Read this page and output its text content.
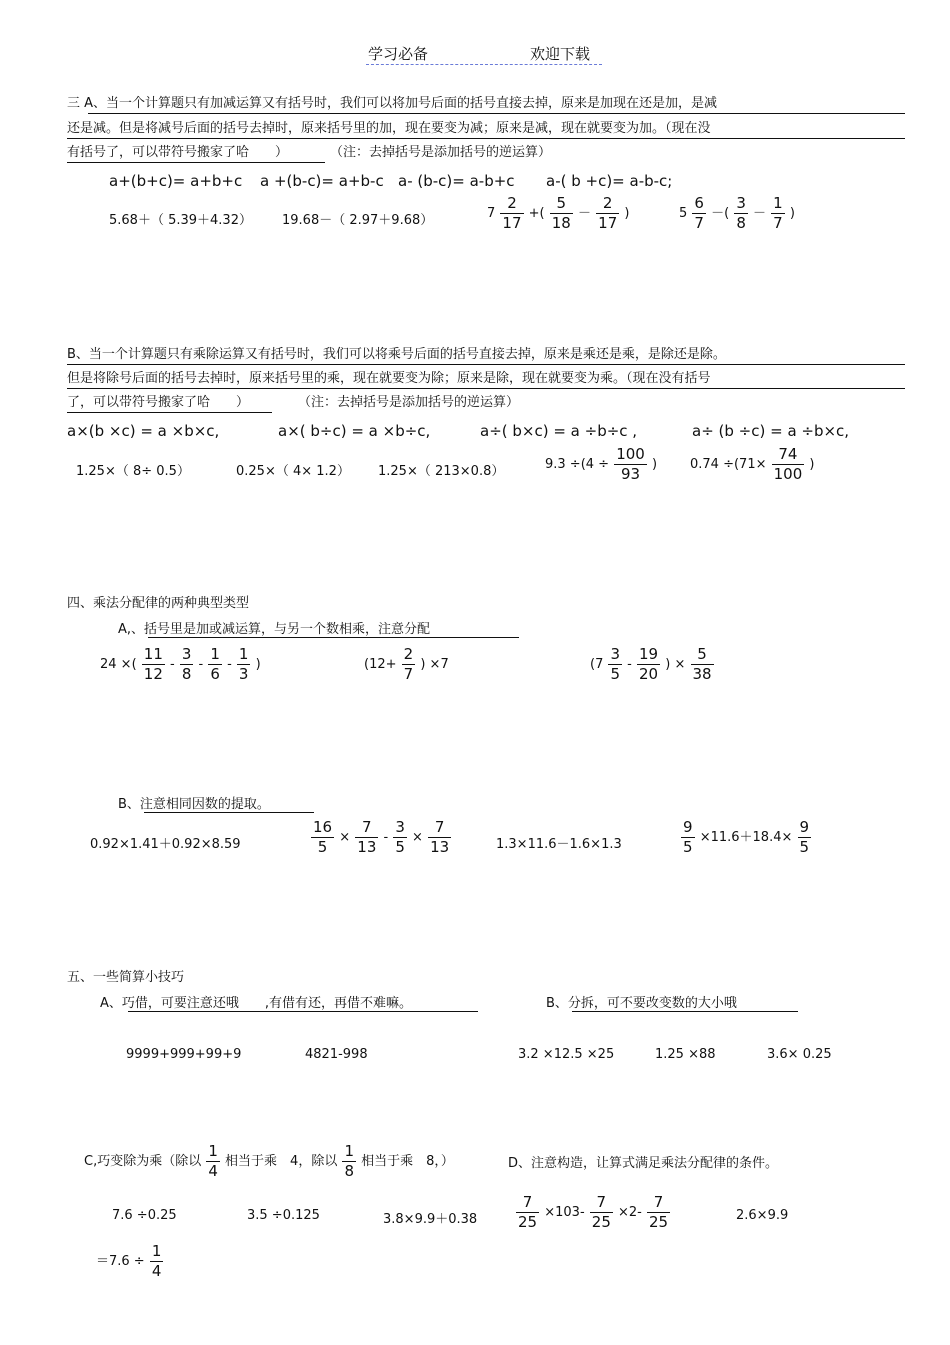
学习必备	欢迎下载
三 A、当一个计算题只有加减运算又有括号时，我们可以将加号后面的括号直接去掉，原来是加现在还是加，是减
还是减。但是将减号后面的括号去掉时，原来括号里的加，现在要变为减；原来是减，现在就要变为加。（现在没
有括号了，可以带符号搬家了哈　　）	（注：去掉括号是添加括号的逆运算）
a+(b+c)= a+b+c a +(b-c)= a+b-c a- (b-c)= a-b+c a-( b +c)= a-b-c;
5.68＋（ 5.39＋4.32） 19.68－（ 2.97＋9.68）	$7 \frac{2}{17}$ +( $\frac{5}{18} - \frac{2}{17}$ )	$5 \frac{6}{7}$ －( $\frac{3}{8} - \frac{1}{7}$ )
B、当一个计算题只有乘除运算又有括号时，我们可以将乘号后面的括号直接去掉，原来是乘还是乘，是除还是除。
但是将除号后面的括号去掉时，原来括号里的乘，现在就要变为除；原来是除，现在就要变为乘。（现在没有括号
了，可以带符号搬家了哈　　）	（注：去掉括号是添加括号的逆运算）
a×(b ×c) = a ×b×c,	a×( b÷c) = a ×b÷c,	a÷( b×c) = a ÷b÷c ,	a÷ (b ÷c) = a ÷b×c,
1.25×（ 8÷ 0.5）	0.25×（ 4× 1.2） 1.25×（ 213×0.8）	$9.3 \div(4 \div \frac{100}{93}$ )	$0.74 \div(71\times \frac{74}{100}$ )
四、乘法分配律的两种典型类型
A,、括号里是加或减运算，与另一个数相乘，注意分配
24 ×( $\frac{11}{12} - \frac{3}{8} - \frac{1}{6} - \frac{1}{3}$ )	($12+ \frac{2}{7}$ ) ×7	($7 \frac{3}{5} - \frac{19}{20}$ ) × $\frac{5}{38}$
B、注意相同因数的提取。
0.92×1.41＋0.92×8.59	$\frac{16}{5} \times \frac{7}{13} - \frac{3}{5} \times \frac{7}{13}$	1.3×11.6－1.6×1.3	$\frac{9}{5} \times 11.6+18.4\times \frac{9}{5}$
五、一些简算小技巧
A、巧借，可要注意还哦　　,有借有还，再借不难嘛。	B、分拆，可不要改变数的大小哦
9999+999+99+9	4821-998	3.2 ×12.5 ×25	1.25 ×88	3.6× 0.25
C,巧变除为乘（除以 $\frac{1}{4}$ 相当于乘　4，除以 $\frac{1}{8}$ 相当于乘　8，）	D、注意构造，让算式满足乘法分配律的条件。
7.6 ÷0.25	3.5 ÷0.125	3.8×9.9＋0.38	$\frac{7}{25} \times 103- \frac{7}{25} \times 2- \frac{7}{25}$	2.6×9.9
$=7.6 \div \frac{1}{4}$
